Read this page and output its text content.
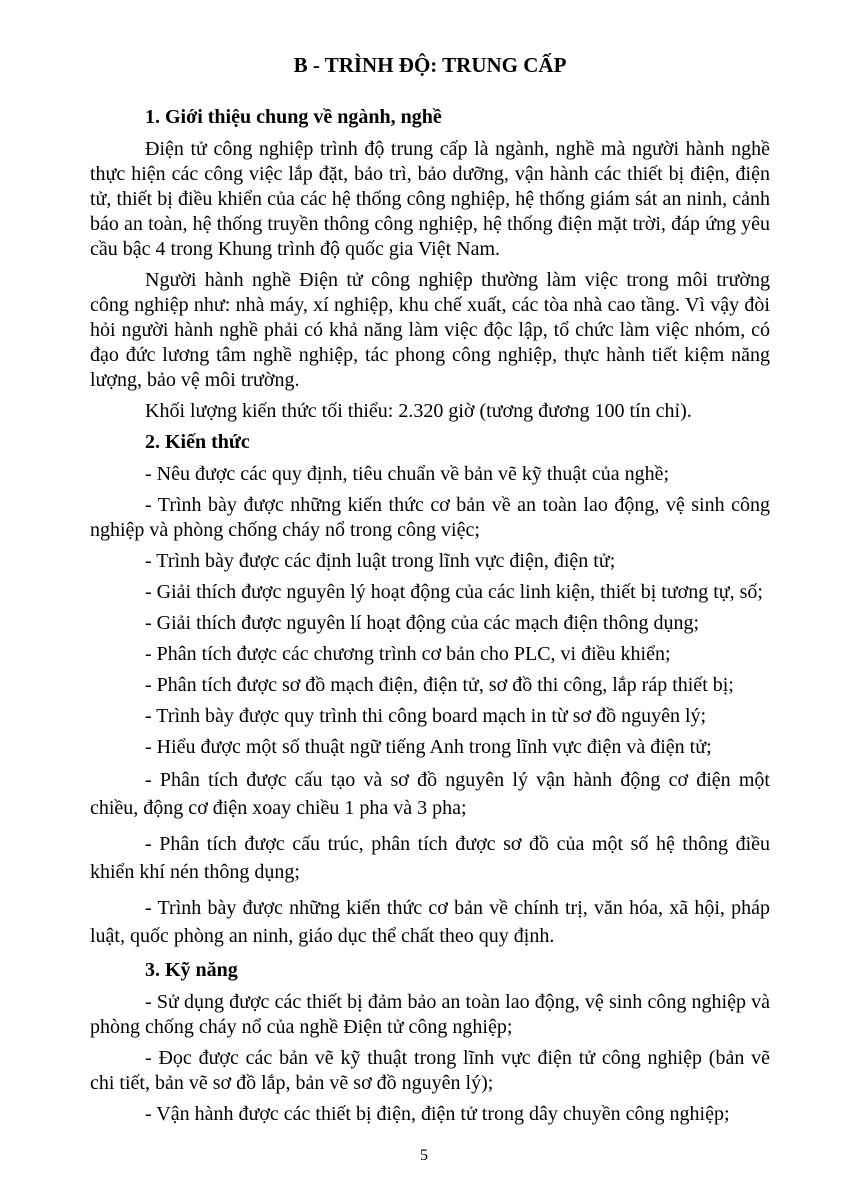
B - TRÌNH ĐỘ: TRUNG CẤP
1. Giới thiệu chung về ngành, nghề

Điện tử công nghiệp trình độ trung cấp là ngành, nghề mà người hành nghề thực hiện các công việc lắp đặt, bảo trì, bảo dưỡng, vận hành các thiết bị điện, điện tử, thiết bị điều khiển của các hệ thống công nghiệp, hệ thống giám sát an ninh, cảnh báo an toàn, hệ thống truyền thông công nghiệp, hệ thống điện mặt trời, đáp ứng yêu cầu bậc 4 trong Khung trình độ quốc gia Việt Nam.

Người hành nghề Điện tử công nghiệp thường làm việc trong môi trường công nghiệp như: nhà máy, xí nghiệp, khu chế xuất, các tòa nhà cao tầng. Vì vậy đòi hỏi người hành nghề phải có khả năng làm việc độc lập, tổ chức làm việc nhóm, có đạo đức lương tâm nghề nghiệp, tác phong công nghiệp, thực hành tiết kiệm năng lượng, bảo vệ môi trường.

Khối lượng kiến thức tối thiểu: 2.320 giờ (tương đương 100 tín chỉ).

2. Kiến thức

- Nêu được các quy định, tiêu chuẩn về bản vẽ kỹ thuật của nghề;

- Trình bày được những kiến thức cơ bản về an toàn lao động, vệ sinh công nghiệp và phòng chống cháy nổ trong công việc;

- Trình bày được các định luật trong lĩnh vực điện, điện tử;

- Giải thích được nguyên lý hoạt động của các linh kiện, thiết bị tương tự, số;

- Giải thích được nguyên lí hoạt động của các mạch điện thông dụng;

- Phân tích được các chương trình cơ bản cho PLC, vi điều khiển;

- Phân tích được sơ đồ mạch điện, điện tử, sơ đồ thi công, lắp ráp thiết bị;

- Trình bày được quy trình thi công board mạch in từ sơ đồ nguyên lý;

- Hiểu được một số thuật ngữ tiếng Anh trong lĩnh vực điện và điện tử;

- Phân tích được cấu tạo và sơ đồ nguyên lý vận hành động cơ điện một chiều, động cơ điện xoay chiều 1 pha và 3 pha;

- Phân tích được cấu trúc, phân tích được sơ đồ của một số hệ thông điều khiển khí nén thông dụng;

- Trình bày được những kiến thức cơ bản về chính trị, văn hóa, xã hội, pháp luật, quốc phòng an ninh, giáo dục thể chất theo quy định.

3. Kỹ năng

- Sử dụng được các thiết bị đảm bảo an toàn lao động, vệ sinh công nghiệp và phòng chống cháy nổ của nghề Điện tử công nghiệp;

- Đọc được các bản vẽ kỹ thuật trong lĩnh vực điện tử công nghiệp (bản vẽ chi tiết, bản vẽ sơ đồ lắp, bản vẽ sơ đồ nguyên lý);

- Vận hành được các thiết bị điện, điện tử trong dây chuyền công nghiệp;

5
